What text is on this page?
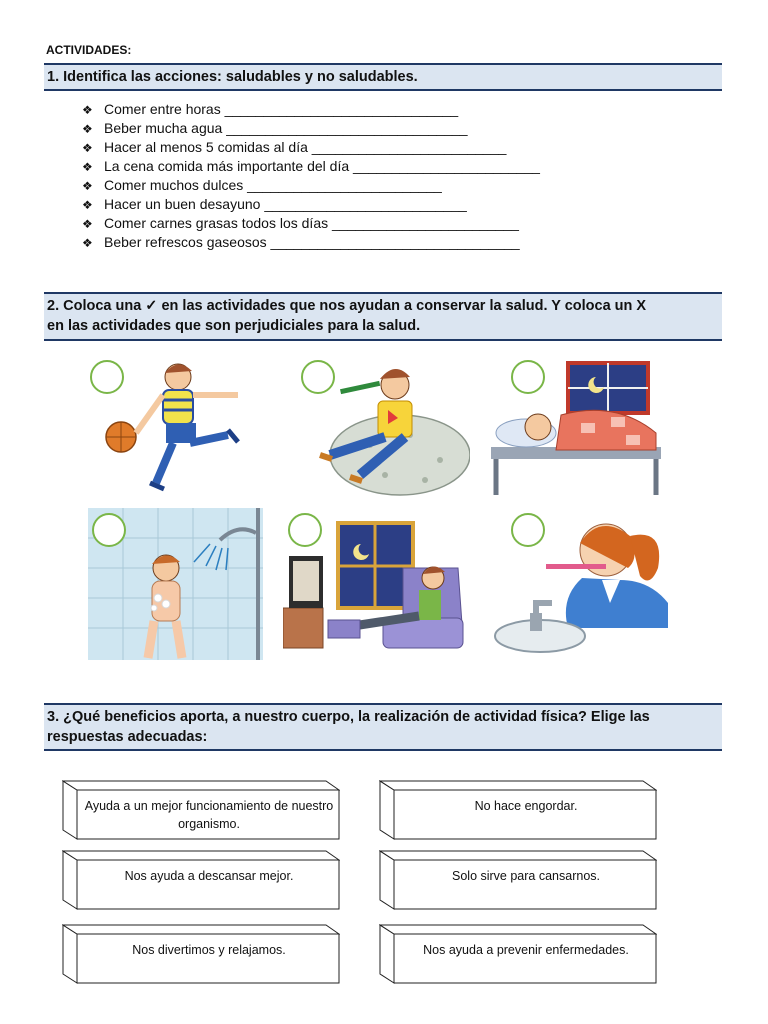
ACTIVIDADES:
1. Identifica las acciones: saludables y no saludables.
❖ Comer entre horas ______________________________
❖ Beber mucha agua _______________________________
❖ Hacer al menos 5 comidas al día _________________________
❖ La cena comida más importante del día ________________________
❖ Comer muchos dulces _________________________
❖ Hacer un buen desayuno __________________________
❖ Comer carnes grasas todos los días ________________________
❖ Beber refrescos gaseosos ________________________________
2. Coloca una ✓ en las actividades que nos ayudan a conservar la salud. Y coloca un X
en las actividades que son perjudiciales para la salud.
3. ¿Qué beneficios aporta, a nuestro cuerpo, la realización de actividad física? Elige las
respuestas adecuadas:
Ayuda a un mejor funcionamiento de nuestro organismo.
No hace engordar.
Nos ayuda a descansar mejor.	Solo sirve para cansarnos.
Nos divertimos y relajamos.	Nos ayuda a prevenir enfermedades.
